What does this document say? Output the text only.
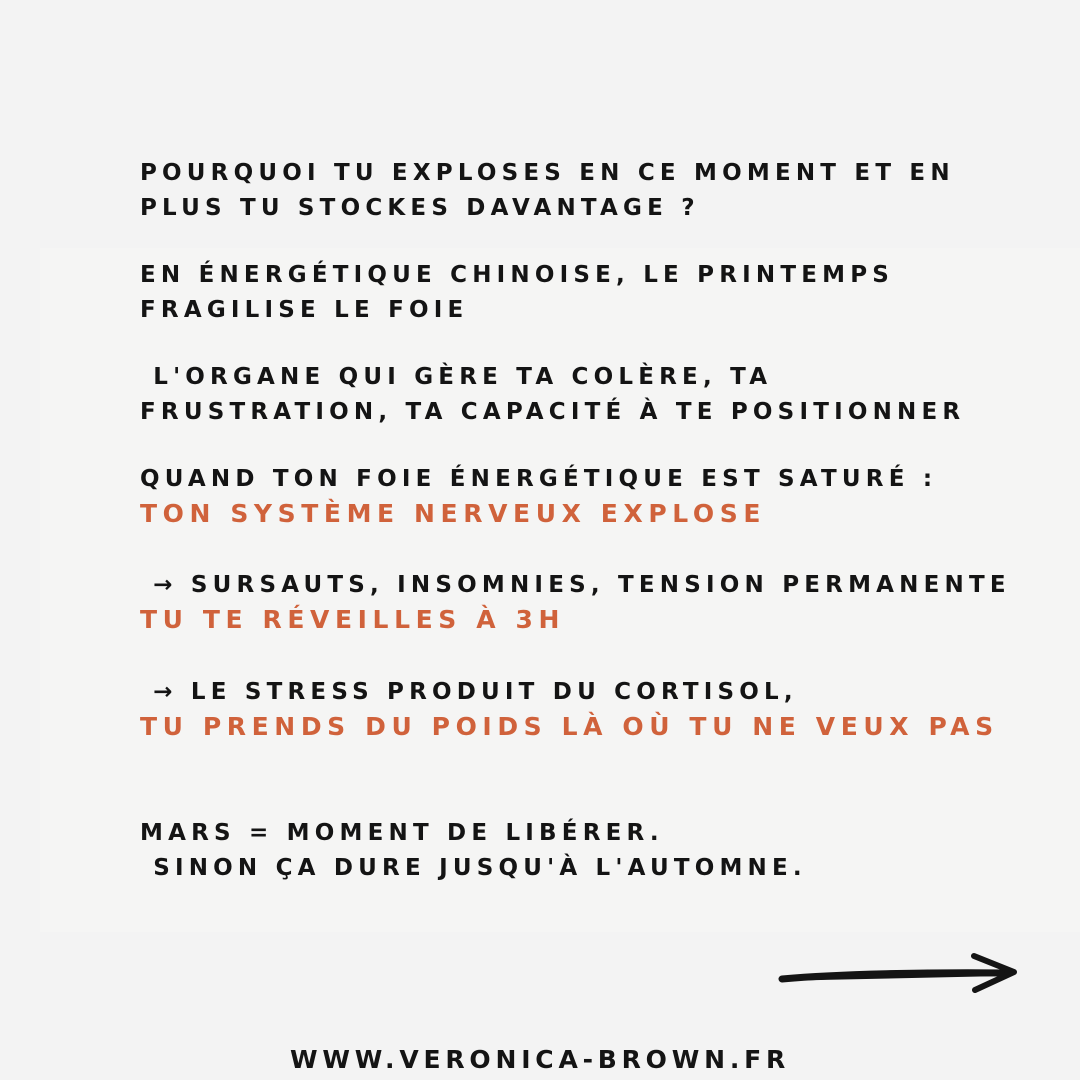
POURQUOI TU EXPLOSES EN CE MOMENT ET EN
PLUS TU STOCKES DAVANTAGE ?
EN ÉNERGÉTIQUE CHINOISE, LE PRINTEMPS
FRAGILISE LE FOIE
L'ORGANE QUI GÈRE TA COLÈRE, TA
FRUSTRATION, TA CAPACITÉ À TE POSITIONNER
QUAND TON FOIE ÉNERGÉTIQUE EST SATURÉ :
TON SYSTÈME NERVEUX EXPLOSE
→ SURSAUTS, INSOMNIES, TENSION PERMANENTE
TU TE RÉVEILLES À 3H
→ LE STRESS PRODUIT DU CORTISOL,
TU PRENDS DU POIDS LÀ OÙ TU NE VEUX PAS
MARS = MOMENT DE LIBÉRER.
SINON ÇA DURE JUSQU'À L'AUTOMNE.
WWW.VERONICA-BROWN.FR
